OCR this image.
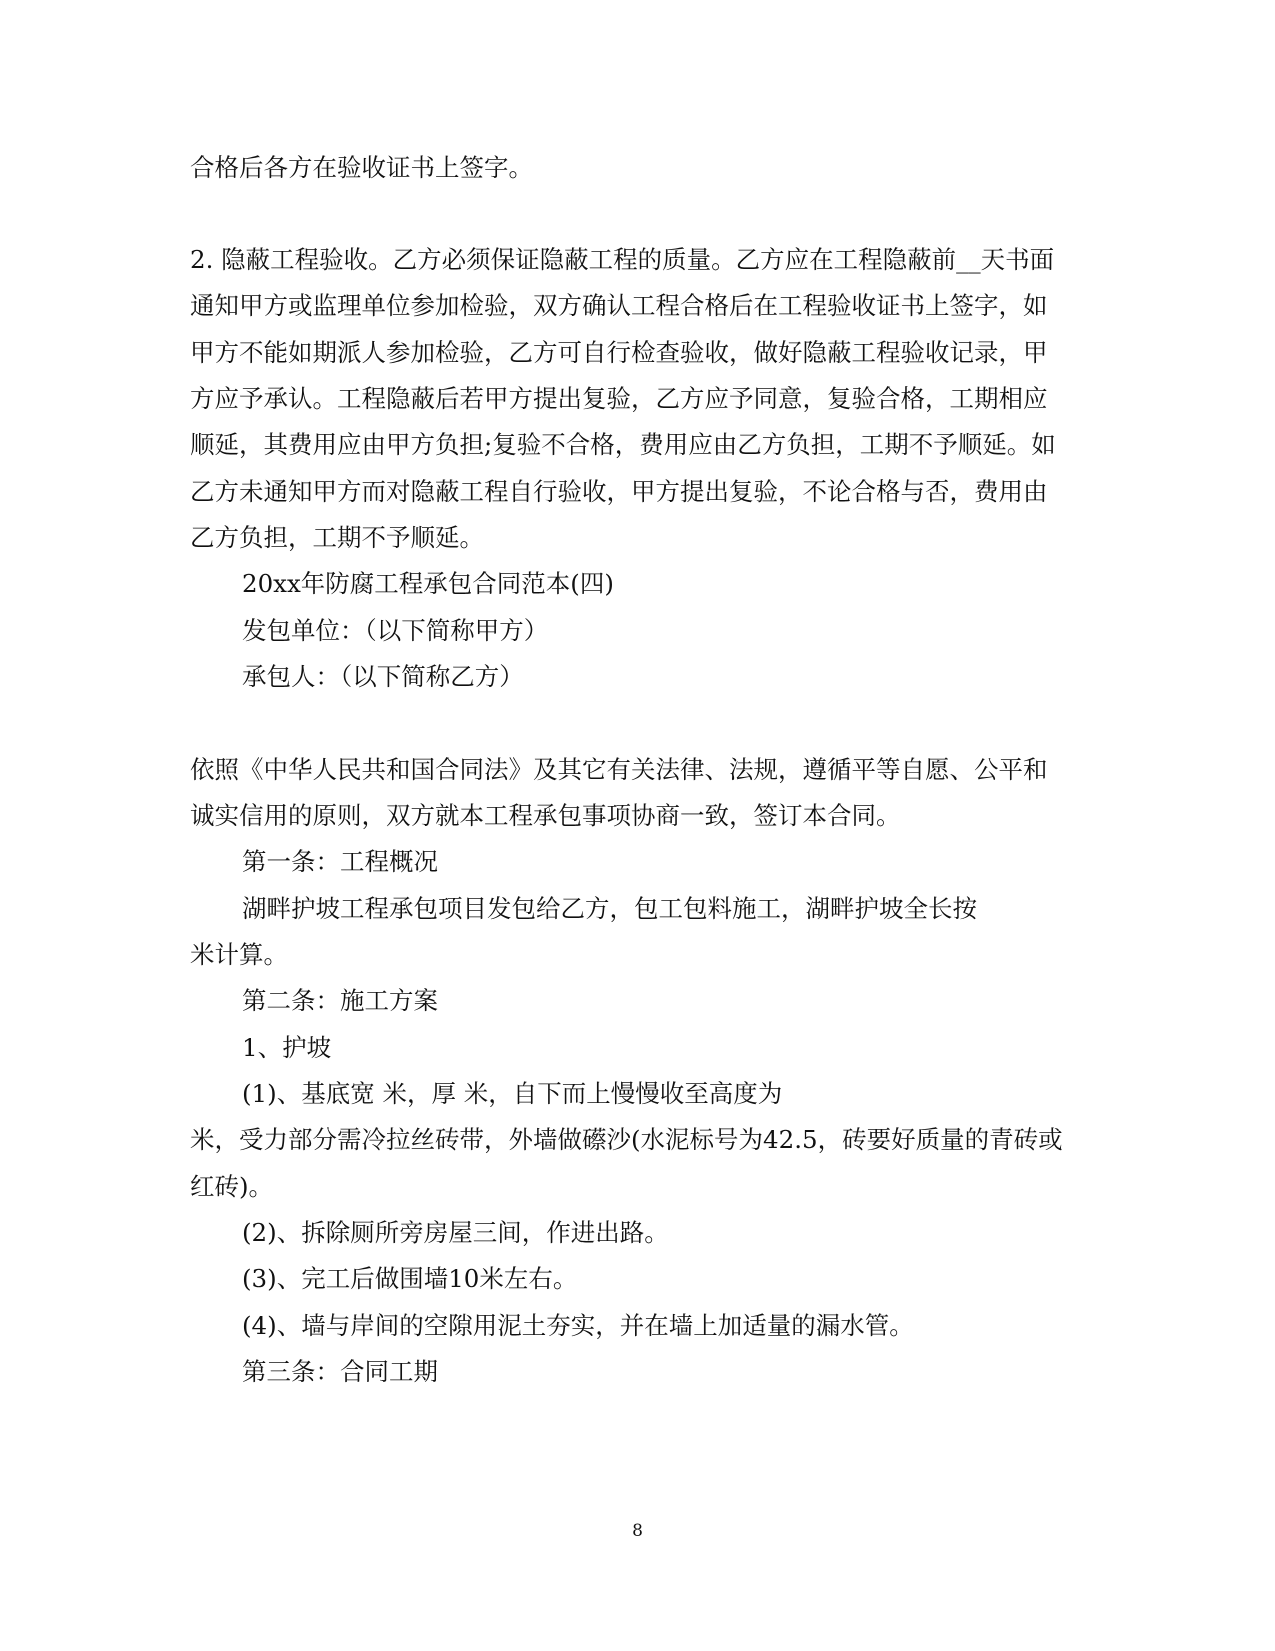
合格后各方在验收证书上签字。

2. 隐蔽工程验收。乙方必须保证隐蔽工程的质量。乙方应在工程隐蔽前__天书面

通知甲方或监理单位参加检验，双方确认工程合格后在工程验收证书上签字，如

甲方不能如期派人参加检验，乙方可自行检查验收，做好隐蔽工程验收记录，甲

方应予承认。工程隐蔽后若甲方提出复验，乙方应予同意，复验合格，工期相应

顺延，其费用应由甲方负担;复验不合格，费用应由乙方负担，工期不予顺延。如

乙方未通知甲方而对隐蔽工程自行验收，甲方提出复验，不论合格与否，费用由

乙方负担，工期不予顺延。

20xx年防腐工程承包合同范本(四)

发包单位：（以下简称甲方）

承包人：（以下简称乙方）

依照《中华人民共和国合同法》及其它有关法律、法规，遵循平等自愿、公平和

诚实信用的原则，双方就本工程承包事项协商一致，签订本合同。

第一条：工程概况

湖畔护坡工程承包项目发包给乙方，包工包料施工，湖畔护坡全长按

米计算。

第二条：施工方案

1、护坡

(1)、基底宽 米，厚 米，自下而上慢慢收至高度为

米，受力部分需冷拉丝砖带，外墙做礤沙(水泥标号为42.5，砖要好质量的青砖或

红砖)。

(2)、拆除厕所旁房屋三间，作进出路。

(3)、完工后做围墙10米左右。

(4)、墙与岸间的空隙用泥土夯实，并在墙上加适量的漏水管。

第三条：合同工期

8
